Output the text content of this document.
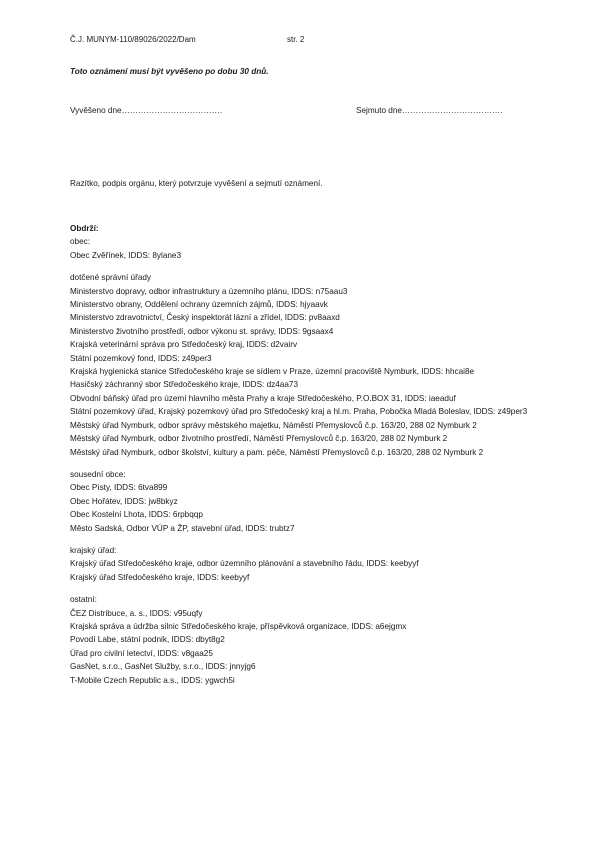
Č.J. MUNYM-110/89026/2022/Dam	str. 2
Toto oznámení musí být vyvěšeno po dobu 30 dnů.
Vyvěšeno dne……………………………….	Sejmuto dne……………………………….
Razítko, podpis orgánu, který potvrzuje vyvěšení a sejmutí oznámení.
Obdrží:
obec:
Obec Zvěřínek, IDDS: 8ylane3
dotčené správní úřady
Ministerstvo dopravy, odbor infrastruktury a územního plánu, IDDS: n75aau3
Ministerstvo obrany, Oddělení ochrany územních zájmů, IDDS: hjyaavk
Ministerstvo zdravotnictví, Český inspektorát lázní a zřídel, IDDS: pv8aaxd
Ministerstvo životního prostředí, odbor výkonu st. správy, IDDS: 9gsaax4
Krajská veterinární správa pro Středočeský kraj, IDDS: d2vairv
Státní pozemkový fond, IDDS: z49per3
Krajská hygienická stanice Středočeského kraje se sídlem v Praze, územní pracoviště Nymburk, IDDS: hhcai8e
Hasičský záchranný sbor Středočeského kraje, IDDS: dz4aa73
Obvodní báňský úřad pro území hlavního města Prahy a kraje Středočeského, P.O.BOX 31, IDDS: iaeaduf
Státní pozemkový úřad, Krajský pozemkový úřad pro Středočeský kraj a hl.m. Praha, Pobočka Mladá Boleslav, IDDS: z49per3
Městský úřad Nymburk, odbor správy městského majetku, Náměstí Přemyslovců č.p. 163/20, 288 02 Nymburk 2
Městský úřad Nymburk, odbor životního prostředí, Náměstí Přemyslovců č.p. 163/20, 288 02 Nymburk 2
Městský úřad Nymburk, odbor školství, kultury a pam. péče, Náměstí Přemyslovců č.p. 163/20, 288 02 Nymburk 2
sousední obce:
Obec Písty, IDDS: 6tva899
Obec Hořátev, IDDS: jw8bkyz
Obec Kostelní Lhota, IDDS: 6rpbqqp
Město Sadská, Odbor VÚP a ŽP, stavební úřad, IDDS: trubtz7
krajský úřad:
Krajský úřad Středočeského kraje, odbor územního plánování a stavebního řádu, IDDS: keebyyf
Krajský úřad Středočeského kraje, IDDS: keebyyf
ostatní:
ČEZ Distribuce, a. s., IDDS: v95uqfy
Krajská správa a údržba silnic Středočeského kraje, příspěvková organizace, IDDS: a6ejgmx
Povodí Labe, státní podnik, IDDS: dbyt8g2
Úřad pro civilní letectví, IDDS: v8gaa25
GasNet, s.r.o., GasNet Služby, s.r.o., IDDS: jnnyjg6
T-Mobile Czech Republic a.s., IDDS: ygwch5i
